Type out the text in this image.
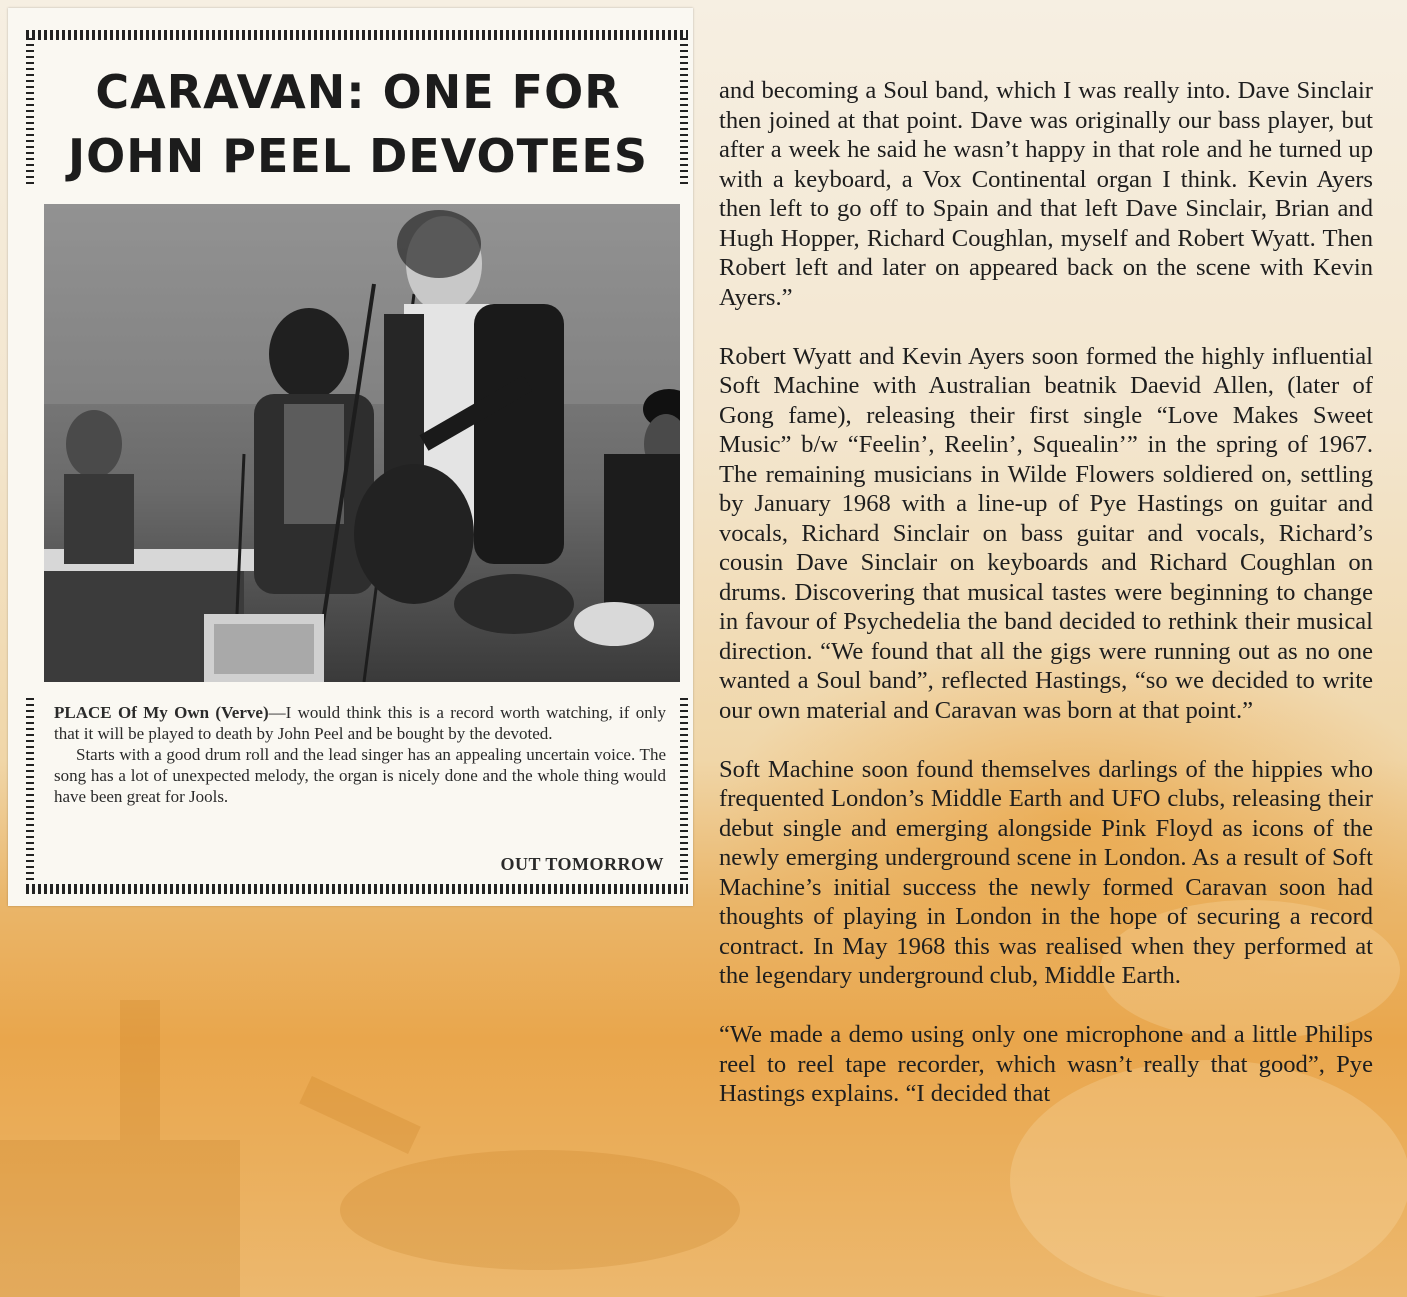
CARAVAN: ONE FOR
JOHN PEEL DEVOTEES

PLACE Of My Own (Verve)—I would think this is a record worth watching, if only that it will be played to death by John Peel and be bought by the devoted.

Starts with a good drum roll and the lead singer has an appealing uncertain voice. The song has a lot of unexpected melody, the organ is nicely done and the whole thing would have been great for Jools.

OUT TOMORROW

and becoming a Soul band, which I was really into. Dave Sinclair then joined at that point. Dave was originally our bass player, but after a week he said he wasn’t happy in that role and he turned up with a keyboard, a Vox Continental organ I think. Kevin Ayers then left to go off to Spain and that left Dave Sinclair, Brian and Hugh Hopper, Richard Coughlan, myself and Robert Wyatt. Then Robert left and later on appeared back on the scene with Kevin Ayers.”

Robert Wyatt and Kevin Ayers soon formed the highly influential Soft Machine with Australian beatnik Daevid Allen, (later of Gong fame), releasing their first single “Love Makes Sweet Music” b/w “Feelin’, Reelin’, Squealin’” in the spring of 1967. The remaining musicians in Wilde Flowers soldiered on, settling by January 1968 with a line-up of Pye Hastings on guitar and vocals, Richard Sinclair on bass guitar and vocals, Richard’s cousin Dave Sinclair on keyboards and Richard Coughlan on drums. Discovering that musical tastes were beginning to change in favour of Psychedelia the band decided to rethink their musical direction. “We found that all the gigs were running out as no one wanted a Soul band”, reflected Hastings, “so we decided to write our own material and Caravan was born at that point.”

Soft Machine soon found themselves darlings of the hippies who frequented London’s Middle Earth and UFO clubs, releasing their debut single and emerging alongside Pink Floyd as icons of the newly emerging underground scene in London. As a result of Soft Machine’s initial success the newly formed Caravan soon had thoughts of playing in London in the hope of securing a record contract. In May 1968 this was realised when they performed at the legendary underground club, Middle Earth.

“We made a demo using only one microphone and a little Philips reel to reel tape recorder, which wasn’t really that good”, Pye Hastings explains. “I decided that
